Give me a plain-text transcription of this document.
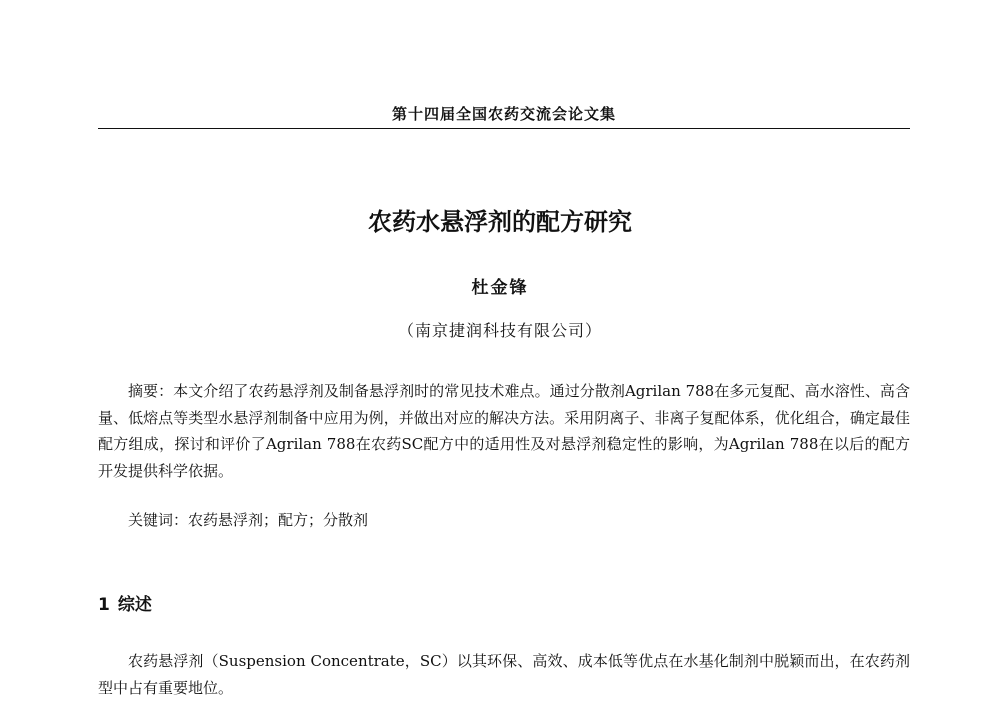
第十四届全国农药交流会论文集
农药水悬浮剂的配方研究
杜金锋
（南京捷润科技有限公司）
摘要：本文介绍了农药悬浮剂及制备悬浮剂时的常见技术难点。通过分散剂Agrilan 788在多元复配、高水溶性、高含量、低熔点等类型水悬浮剂制备中应用为例，并做出对应的解决方法。采用阴离子、非离子复配体系，优化组合，确定最佳配方组成，探讨和评价了Agrilan 788在农药SC配方中的适用性及对悬浮剂稳定性的影响，为Agrilan 788在以后的配方开发提供科学依据。
关键词：农药悬浮剂；配方；分散剂
1 综述
农药悬浮剂（Suspension Concentrate，SC）以其环保、高效、成本低等优点在水基化制剂中脱颖而出，在农药剂型中占有重要地位。
